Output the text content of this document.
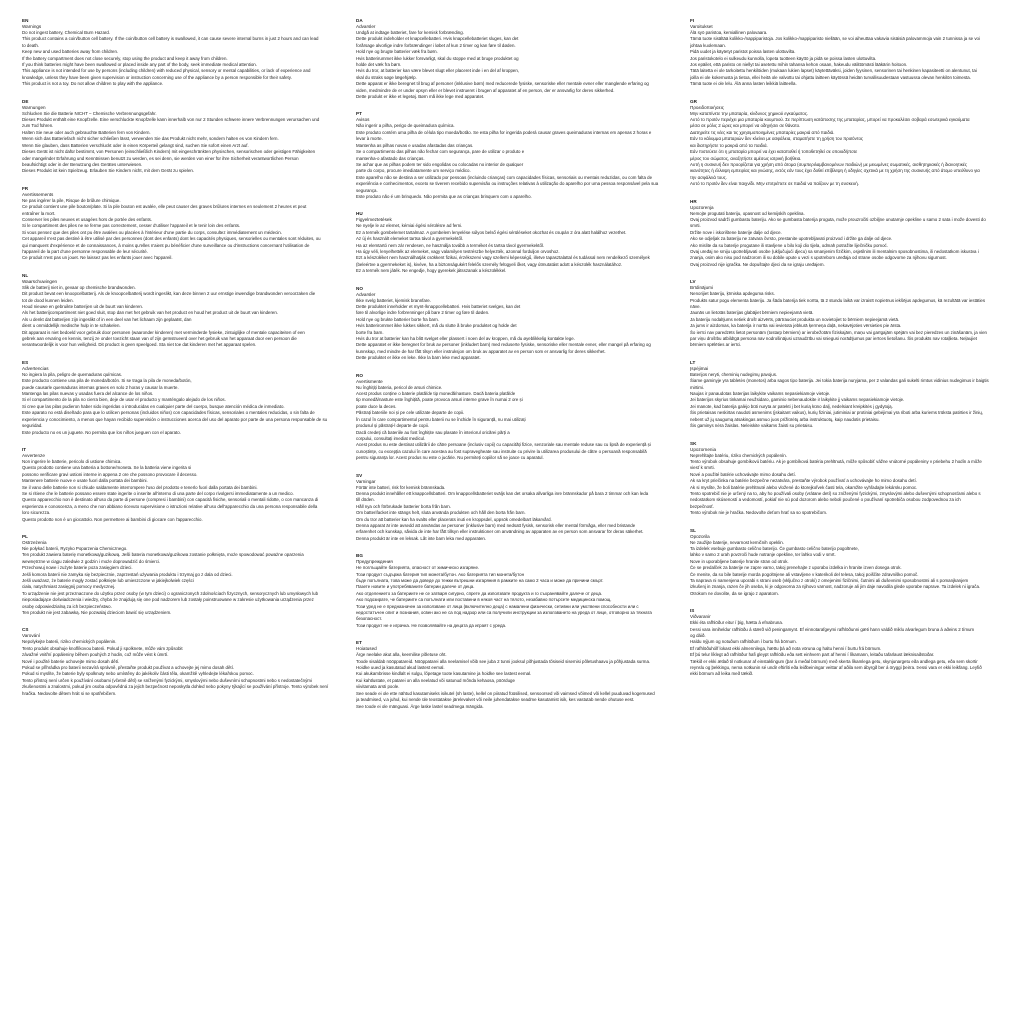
EN
Warnings
Do not ingest battery, Chemical Burn Hazard.
This product contains a coin/button cell battery. If the coin/button cell battery is swallowed, it can cause severe internal burns in just 2 hours and can lead
to death.
Keep new and used batteries away from children.
If the battery compartment does not close securely, stop using the product and keep it away from children.
If you think batteries might have been swallowed or placed inside any part of the body, seek immediate medical attention.
This appliance is not intended for use by persons (including children) with reduced physical, sensory or mental capabilities, or lack of experience and
knowledge, unless they have been given supervision or instruction concerning use of the appliance by a person responsible for their safety.
This product is not a toy. Do not allow children to play with the appliance.
DE
Warnungen
Schlucken Sie die Batterie NICHT – Chemische Verbrennungsgefahr.
Dieses Produkt enthält eine Knopfzelle. Eine verschluckte Knopfzelle kann innerhalb von nur 2 Stunden schwere innere Verbrennungen verursachen und
zum Tod führen.
Halten Sie neue oder auch gebrauchte Batterien fern von Kindern.
Wenn sich das Batteriefach nicht sicher schließen lässt, verwenden Sie das Produkt nicht mehr, sondern halten es von Kindern fern.
Wenn Sie glauben, dass Batterien verschluckt oder in einen Körperteil gelangt sind, suchen Sie sofort einen Arzt auf.
Dieses Gerät ist nicht dafür bestimmt, von Personen (einschließlich Kindern) mit eingeschränkten physischen, sensorischen oder geistigen Fähigkeiten
oder mangelnder Erfahrung und Kenntnissen benutzt zu werden, es sei denn, sie werden von einer für ihre Sicherheit verantwortlichen Person
beaufsichtigt oder in der Benutzung des Gerätes unterwiesen.
Dieses Produkt ist kein Spielzeug. Erlauben Sie Kindern nicht, mit dem Gerät zu spielen.
FR
Avertissements
Ne pas ingérer la pile, Risque de brûlure chimique.
Ce produit contient une pile bouton/plate. Si la pile bouton est avalée, elle peut causer des graves brûlures internes en seulement 2 heures et peut
entraîner la mort.
Conserver les piles neuves et usagées hors de portée des enfants.
Si le compartiment des piles ne se ferme pas correctement, cesser d'utiliser l'appareil et le tenir loin des enfants.
Si vous pensez que des piles ont pu être avalées ou placées à l'intérieur d'une partie du corps, consultez immédiatement un médecin.
Cet appareil n'est pas destiné à être utilisé par des personnes (dont des enfants) dont les capacités physiques, sensorielles ou mentales sont réduites, ou
qui manquent d'expérience et de connaissances, à moins qu'elles n'aient pu bénéficier d'une surveillance ou d'instructions concernant l'utilisation de
l'appareil de la part d'une personne responsable de leur sécurité.
Ce produit n'est pas un jouet. Ne laissez pas les enfants jouer avec l'appareil.
NL
Waarschuwingen
Slik de batterij niet in, gevaar op chemische brandwonden.
Dit product bevat een knoopcelbatterij. Als de knoopcelbatterij wordt ingeslikt, kan deze binnen 2 uur ernstige inwendige brandwonden veroorzaken die
tot de dood kunnen leiden.
Houd nieuwe en gebruikte batterijen uit de buurt van kinderen.
Als het batterijcompartiment niet goed sluit, stop dan met het gebruik van het product en houd het product uit de buurt van kinderen.
Als u denkt dat batterijen zijn ingeslikt of in een deel van het lichaam zijn geplaatst, dan
dient u onmiddellijk medische hulp in te schakelen.
Dit apparaat is niet bedoeld voor gebruik door personen (waaronder kinderen) met verminderde fysieke, zintuiglijke of mentale capaciteiten of een
gebrek aan ervaring en kennis, tenzij ze onder toezicht staan van of zijn geïnstrueerd over het gebruik van het apparaat door een persoon die
verantwoordelijk is voor hun veiligheid. Dit product is geen speelgoed. Sta niet toe dat kinderen met het apparaat spelen.
ES
Advertencias
No ingiera la pila, peligro de quemaduras químicas.
Este producto contiene una pila de moneda/botón. Si se traga la pila de moneda/botón,
puede causarle quemaduras internas graves en solo 2 horas y causar la muerte.
Mantenga las pilas nuevas y usadas fuera del alcance de los niños.
Si el compartimento de la pila no cierra bien, deje de usar el producto y manténgalo alejado de los niños.
Si cree que las pilas pudieron haber sido ingeridas o introducidas en cualquier parte del cuerpo, busque atención médica de inmediato.
Este aparato no está diseñado para que lo utilicen personas (incluidos niños) con capacidades físicas, sensoriales o mentales reducidas, o sin falta de
experiencia y conocimiento, a menos que hayan recibido supervisión o instrucciones acerca del uso del aparato por parte de una persona responsable de su
seguridad.
Este producto no es un juguete. No permita que los niños jueguen con el aparato.
IT
Avvertenze
Non ingerire le batterie, pericolo di ustione chimica.
Questo prodotto contiene una batteria a bottone/moneta. Se la batteria viene ingerita si
possono verificare gravi ustioni interne in appena 2 ore che possono provocare il decesso.
Mantenere batterie nuove e usate fuori dalla portata dei bambini.
Se il vano delle batterie non si chiude saldamente interrompere l'uso del prodotto e tenerlo fuori dalla portata dei bambini.
Se si ritiene che le batterie possano essere state ingerite o inserite all'interno di una parte del corpo rivolgersi immediatamente a un medico.
Questo apparecchio non è destinato all'uso da parte di persone (compresi i bambini) con capacità fisiche, sensoriali o mentali ridotte, o con mancanza di
esperienza e conoscenza, a meno che non abbiano ricevuto supervisione o istruzioni relative all'uso dell'apparecchio da una persona responsabile della
loro sicurezza.
Questo prodotto non è un giocattolo. Non permettere ai bambini di giocare con l'apparecchio.
PL
Ostrzeżenia
Nie połykać baterii, Ryzyko Poparzenia Chemicznego.
Ten produkt zawiera baterię monetkową/guzikową. Jeśli bateria monetkowa/guzikowa zostanie połknięta, może spowodować poważne oparzenia
wewnętrzne w ciągu zaledwie 2 godzin i może doprowadzić do śmierci.
Przechowuj nowe i zużyte baterie poza zasięgiem dzieci.
Jeśli komora baterii nie zamyka się bezpiecznie, zaprzestań używania produktu i trzymaj go z dala od dzieci.
Jeśli uważasz, że baterie mogły zostać połknięte lub umieszczone w jakiejkolwiek części
ciała, natychmiast zasięgnij pomocy medycznej.
To urządzenie nie jest przeznaczone do użytku przez osoby (w tym dzieci) o ograniczonych zdolnościach fizycznych, sensorycznych lub umysłowych lub
nieposiadające doświadczenia i wiedzy, chyba że znajdują się one pod nadzorem lub zostały poinstruowane w zakresie użytkowania urządzenia przez
osobę odpowiedzialną za ich bezpieczeństwo.
Ten produkt nie jest zabawką. Nie pozwalaj dzieciom bawić się urządzeniem.
CS
Varování
Nepolykejte baterii, riziko chemických popálenin.
Tento produkt obsahuje knoflíkovou baterii. Pokud ji spolknete, může vám způsobit
závažné vnitřní popáleniny během pouhých 2 hodin, což může vést k úmrtí.
Nové i použité baterie uchovejte mimo dosah dětí.
Pokud se přihrádka pro baterii nezavírá správně, přestaňte produkt používat a uchovejte jej mimo dosah dětí.
Pokud si myslíte, že baterie byly spolknuty nebo umístěny do jakékoliv části těla, okamžitě vyhledejte lékařskou pomoc.
Tento přístroj není určen k používání osobami (včetně dětí) se sníženými fyzickými, smyslovými nebo duševními schopnostmi nebo s nedostatečnými
zkušenostmi a znalostmi, pokud jim osoba odpovědná za jejich bezpečnost neposkytla dohled nebo pokyny týkající se používání přístroje. Tento výrobek není
hračka. Nedovolte dětem hrát si se spotřebičem.
DA
Advarsler
Undgå at indtage batteriet, fare for kemisk forbrænding.
Dette produkt indeholder et knapcellebatteri. Hvis knapcellebatteriet sluges, kan det
forårsage alvorlige indre forbrændinger i løbet af kun 2 timer og kan føre til døden.
Hold nye og brugte batterier væk fra børn.
Hvis batterirummet ikke lukker forsvarligt, skal du stoppe med at bruge produktet og
holde det væk fra børn.
Hvis du tror, at batterier kan være blevet slugt eller placeret inde i en del af kroppen,
skal du straks søge lægehjælp.
Dette apparat er ikke beregnet til brug af personer (inklusive børn) med reducerede fysiske, sensoriske eller mentale evner eller manglende erfaring og
viden, medmindre de er under opsyn eller er blevet instrueret i brugen af apparatet af en person, der er ansvarlig for deres sikkerhed.
Dette produkt er ikke et legetøj. Børn må ikke lege med apparatet.
PT
Avisos
Não ingerir a pilha, perigo de queimadura química.
Este produto contém uma pilha de célula tipo moeda/botão. Se esta pilha for ingerida poderá causar graves queimaduras internas em apenas 2 horas e
levar à morte.
Mantenha as pilhas novas e usadas afastadas das crianças.
Se o compartimento das pilhas não fechar com segurança, pare de utilizar o produto e
mantenha-o afastado das crianças.
Se achar que as pilhas podem ter sido engolidas ou colocadas no interior de qualquer
parte do corpo, procure imediatamente um serviço médico.
Este aparelho não se destina a ser utilizado por pessoas (incluindo crianças) com capacidades físicas, sensoriais ou mentais reduzidas, ou com falta de
experiência e conhecimentos, exceto se tiverem recebido supervisão ou instruções relativas à utilização do aparelho por uma pessoa responsável pela sua
segurança.
Este produto não é um brinquedo. Não permita que as crianças brinquem com o aparelho.
HU
Figyelmeztetések
Ne nyelje le az elemet, kémiai égési sérülésre ad ferni.
Ez a termék gombelemet tartalmaz. A gombelem lenyelése súlyos belső égési sérüléseket okozhat és csupán 2 óra alatt halálhoz vezethet.
Az új és használt elemeket tartsa távol a gyermekektől.
Ha az elemtartó nem zár rendesen, ne használja tovább a terméket és tartsa távol gyermekektől.
Ha úgy véli, lenyelhették az elemeket, vagy valamilyen testrészbe helyezték, azonnal forduljon orvoshoz.
Ezt a készüléket nem használhatják csökkent fizikai, érzékszervi vagy szellemi képességű, illetve tapasztalattal és tudással nem rendelkező személyek
(beleértve a gyermekeket is), kivéve, ha a biztonságukért felelős személy felügyeli őket, vagy útmutatást adott a készülék használatához.
Ez a termék nem játék. Ne engedje, hogy gyerekek játsszanak a készülékkel.
NO
Advarsler
Ikke svelg batteriet, kjemisk brannfare.
Dette produktet inneholder et mynt-/knappcellebatteri. Hvis batteriet svelges, kan det
føre til alvorlige indre forbrenninger på bare 2 timer og føre til døden.
Hold nye og brukte batterier borte fra barn.
Hvis batterirommet ikke lukkes sikkert, må du slutte å bruke produktet og holde det
borte fra barn.
Hvis du tror at batterier kan ha blitt svelget eller plassert i noen del av kroppen, må du øyeblikkelig kontakte lege.
Dette apparatet er ikke beregnet for bruk av personer (inkludert barn) med reduserte fysiske, sensoriske eller mentale evner, eller mangel på erfaring og
kunnskap, med mindre de har fått tilsyn eller instruksjon om bruk av apparatet av en person som er ansvarlig for deres sikkerhet.
Dette produktet er ikke en leke. Ikke la barn leke med apparatet.
RO
Avertismente
Nu înghițiți bateria, pericol de arsuri chimice.
Acest produs conține o baterie plată/de tip monedă/nasture. Dacă bateria plată/de
tip monedă/nasture este înghițită, poate provoca arsuri interne grave în numai 2 ore și
poate duce la deces.
Păstrați bateriile noi și pe cele utilizate departe de copii.
În cazul în care compartimentul pentru baterii nu se închide în siguranță, nu mai utilizați
produsul și păstrați-l departe de copii.
Dacă credeți că bateriile au fost înghițite sau plasate în interiorul oricărei părți a
corpului, consultați imediat medicul.
Acest produs nu este destinat utilizării de către persoane (inclusiv copii) cu capacități fizice, senzoriale sau mentale reduse sau cu lipsă de experiență și
cunoștințe, cu excepția cazului în care acestea au fost supravegheate sau instruite cu privire la utilizarea produsului de către o persoană responsabilă
pentru siguranța lor. Acest produs nu este o jucărie. Nu permiteți copiilor să se joace cu aparatul.
SV
Varningar
Förtär inte batteri, risk för kemisk brännskada.
Denna produkt innehåller ett knappcellsbatteri. Om knappcellsbatteriet sväljs kan det orsaka allvarliga inre brännskador på bara 2 timmar och kan leda
till döden.
Håll nya och förbrukade batterier borta från barn.
Om batterifacket inte stängs helt, sluta använda produkten och håll den borta från barn.
Om du tror att batterier kan ha svalts eller placerats inuti en kroppsdel, uppsök omedelbart läkarvård.
Denna apparat är inte avsedd att användas av personer (inklusive barn) med nedsatt fysisk, sensorisk eller mental förmåga, eller med bristande
erfarenhet och kunskap, såvida de inte har fått tillsyn eller instruktioner om användning av apparaten av en person som ansvarar för deras säkerhet.
Denna produkt är inte en leksak. Låt inte barn leka med apparaten.
BG
Предупреждения
Не поглъщайте батерията, опасност от химическо изгаряне.
Този продукт съдържа батерия тип монета/бутон. Ако батерията тип монета/бутон
бъде погълната, това може да доведе до тежки вътрешни изгаряния в рамките на само 2 часа и може да причини смърт.
Пазете новите и употребяваните батерии далече от деца.
Ако отделението за батериите не се затваря сигурно, спрете да използвате продукта и го съхранявайте далече от деца.
Ако подозирате, че батериите са погълнати или поставени в някоя част на тялото, незабавно потърсете медицинска помощ.
Този уред не е предназначен за използване от лица (включително деца) с намалени физически, сетивни или умствени способности или с
недостатъчен опит и познания, освен ако не са под надзор или са получили инструкции за използването на уреда от лице, отговорно за тяхната
безопасност.
Този продукт не е играчка. Не позволявайте на децата да играят с уреда.
ET
Hoiatused
Ärge neelake akut alla, keemilise põletuse oht.
Toode sisaldab nööppatareid. Nööppatarei alla neelamisel võib see juba 2 tunni jooksul põhjustada tõsiseid sisemisi põletushaavu ja põhjustada surma.
Hoidke uued ja kasutatud akud lastest eemal.
Kui akukambrisse kindlalt ei sulgu, lõpetage toote kasutamine ja hoidke see lastest eemal.
Kui kahtlustate, et patarei on alla neelatud või satunud mõnda kehaosa, pöörduge
viivitamata arsti poole.
See seade ei ole ette nähtud kasutamiseks isikutel (sh laste), kellel on piiratud füüsilised, sensoorsed või vaimsed võimed või kellel puuduvad kogemused
ja teadmised, v.a juhul, kui nende üle teostatakse järelevalvet või neile juhendatakse seadme kasutamist isik, kes vastutab nende ohutuse eest.
See toode ei ole mänguasi. Ärge laske lastel seadmega mängida.
FI
Varoitukset
Älä syö paristoa, kemiallinen palovaara.
Tämä tuote sisältää kolikko-/nappiparistoja. Jos kolikko-/nappiparisto niellään, se voi aiheuttaa vakavia sisäisiä palovammoja vain 2 tunnissa ja se voi
johtaa kuolemaan.
Pidä uudet ja käytetyt paristot poissa lasten ulottuvilta.
Jos paristokotelo ei sulkeudu kunnolla, lopeta tuotteen käyttö ja pidä se poissa lasten ulottuvilta.
Jos epäilet, että paristo on niellyt tai asetettu mihin tahansa kehon osaan, hakeudu välittömästi lääkärin hoitoon.
Tätä laitetta ei ole tarkoitettu henkilöiden (mukaan lukien lapset) käytettäväksi, joiden fyysinen, sensorinen tai henkinen kapasiteetti on alentunut, tai
joilla ei ole kokemusta ja tietoa, ellei heitä ole valvottu tai ohjattu laitteen käytössä heidän turvallisuudestaan vastuussa olevan henkilön toimesta.
Tämä tuote ei ole lelu. Älä anna lasten leikkiä laitteella.
GR
Προειδοποιήσεις
Μην καταπίνετε την μπαταρία, κίνδυνος χημικού εγκαύματος.
Αυτό το προϊόν περιέχει μια μπαταρία κουμπιού. Σε περίπτωση κατάποσης της μπαταρίας, μπορεί να προκαλέσει σοβαρά εσωτερικά εγκαύματα
μέσα σε μόλις 2 ώρες και μπορεί να οδηγήσει σε θάνατο.
Διατηρείτε τις νέες και τις χρησιμοποιημένες μπαταρίες μακριά από παιδιά.
Εάν το κάλυμμα μπαταριών δεν κλείνει με ασφάλεια, σταματήστε τη χρήση του προϊόντος
και διατηρήστε το μακριά από τα παιδιά.
Εάν πιστεύετε ότι η μπαταρία μπορεί να έχει καταποθεί ή τοποθετηθεί σε οποιοδήποτε
μέρος του σώματος, αναζητήστε αμέσως ιατρική βοήθεια.
Αυτή η συσκευή δεν προορίζεται για χρήση από άτομα (συμπεριλαμβανομένων παιδιών) με μειωμένες σωματικές, αισθητηριακές ή διανοητικές
ικανότητες ή έλλειψη εμπειρίας και γνώσης, εκτός εάν τους έχει δοθεί επίβλεψη ή οδηγίες σχετικά με τη χρήση της συσκευής από άτομο υπεύθυνο για
την ασφάλειά τους.
Αυτό το προϊόν δεν είναι παιχνίδι. Μην επιτρέπετε σε παιδιά να παίζουν με τη συσκευή.
HR
Upozorenja
Nemojte progutati bateriju, opasnost od kemijskih opeklina.
Ovaj proizvod sadrži gumbastu bateriju. Ako se gumbasta baterija proguta, može prouzročiti ozbiljne unutarnje opekline u samo 2 sata i može dovesti do
smrti.
Držite nove i iskorištene baterije dalje od djece.
Ako se odjeljak za bateriju ne zatvara čvrsto, prestanite upotrebljavati proizvod i držite ga dalje od djece.
Ako mislite da su baterije progutane ili stavljene u bilo koji dio tijela, odmah potražite liječničku pomoć.
Ovaj uređaj ne smiju upotrebljavati osobe (uključujući djecu) sa smanjenim fizičkim, osjetilnim ili mentalnim sposobnostima, ili nedostatkom iskustva i
znanja, osim ako nisu pod nadzorom ili su dobile upute u vezi s upotrebom uređaja od strane osobe odgovorne za njihovu sigurnost.
Ovaj proizvod nije igračka. Ne dopuštajte djeci da se igraju uređajem.
LV
Brīdinājumi
Nenorijiet bateriju, ķīmiska apdeguma risks.
Produkts satur pogu elementa bateriju. Ja šāda baterija tiek norīta, tā 2 stundu laikā var izraisīt nopietnus iekšējus apdegumus, kā rezultātā var iestāties
nāve.
Jaunās un lietotās baterijas glabājiet bērniem nepieejamā vietā.
Ja bateriju nodalījums netiek drošī aizvērts, pārtrauciet produkta un novietojiet to bērniem nepieejamā vietā.
Ja jums ir aizdomas, ka baterija ir norīta vai ievietota jebkurā ķermeņa daļā, nekavējoties vērsieties pie ārsta.
Šo ierīci nav paredzēts lietot personām (tostarp bērniem) ar ierobežotām fiziskajām, maņu vai garīgajām spējām vai bez pieredzes un zināšanām, ja vien
par viņu drošību atbildīgā persona nav nodrošinājusi uzraudzību vai sniegusi norādījumus par ierīces lietošanu. Šis produkts nav rotaļlieta. Neļaujiet
bērniem spēlēties ar ierīci.
LT
Įspėjimai
Baterijos neryti, cheminių nudegimų pavojus.
Šiame gaminyje yra tabletės (monetos) arba sagos tipo baterija. Jei tokia baterija nuryjama, per 2 valandas gali sukelti rimtus vidinius nudegimus ir baigtis
mirtimi.
Naujas ir panaudotas baterijas laikykite vaikams nepasiekiamoje vietoje.
Jei baterijos skyrius tinkamai neužsidaro, gaminio nebenaudokite ir laikykite jį vaikams nepasiekiamoje vietoje.
Jei manote, kad baterija galėjo būti nuryta ar patekti į bet kurią kūno dalį, nedelsiant kreipkitės į gydytoją.
Šis prietaisas neskirtas naudoti asmenims (įskaitant vaikus), kurių fiziniai, jutiminiai ar protiniai gebėjimai yra riboti arba kuriems trūksta patirties ir žinių,
nebent už jų saugumą atsakingas asmuo juos prižiūrėtų arba instruktuotų, kaip naudotis prietaisu.
Šis gaminys nėra žaislas. Neleiskite vaikams žaisti su prietaisu.
SK
Upozornenia
Neprehĺtajte batériu, riziko chemických popálenín.
Tento výrobok obsahuje gombíkovú batériu. Ak je gombíková batéria prehltnutá, môže spôsobiť vážne vnútorné popáleniny v priebehu 2 hodín a môže
viesť k smrti.
Nové a použité batérie uchovávajte mimo dosahu detí.
Ak sa kryt priečinka na batérie bezpečne nezatvára, prestaňte výrobok používať a uchovávajte ho mimo dosahu detí.
Ak si myslíte, že boli batérie prehltnuté alebo vložené do ktorejkoľvek časti tela, okamžite vyhľadajte lekársku pomoc.
Tento spotrebič nie je určený na to, aby ho používali osoby (vrátane detí) so zníženými fyzickými, zmyslovými alebo duševnými schopnosťami alebo s
nedostatkom skúseností a vedomostí, pokiaľ nie sú pod dozorom alebo neboli poučené o používaní spotrebiča osobou zodpovednou za ich
bezpečnosť.
Tento výrobok nie je hračka. Nedovoľte deťom hrať sa so spotrebičom.
SL
Opozorila
Ne zaužijte baterije, nevarnost kemičnih opeklin.
Ta izdelek vsebuje gumbasto celično baterijo. Če gumbasto celično baterijo pogoltnete,
lahko v samo 2 urah povzroči hude notranje opekline, ter lahko vodi v smrt.
Nove in uporabljene baterije hranite stran od otrok.
Če se predalček za baterije ne zapre varno, takoj prenehajte z uporabo izdelka in hranite izven dosega otrok.
Če menite, da so bile baterije morda pogoltnjene ali vstavljene v katerikoli del telesa, takoj poiščite zdravniško pomoč.
Ta naprava ni namenjena uporabi s strani oseb (vključno z otroki) z omejenimi fizičnimi, čutnimi ali duševnimi sposobnostmi ali s pomanjkanjem
izkušenj in znanja, razen če jih oseba, ki je odgovorna za njihovo varnost, nadzoruje ali jim daje navodila glede uporabe naprave. Ta izdelek ni igrača.
Otrokom ne dovolite, da se igrajo z aparatom.
IS
Viðvaranir
Ekki éta rafhlöður eitur í þig, hætta á efnabruna.
Þessi vara inniheldur rafhlöðu á stærð við peningamynt. Ef einnotarafgeymi rafhlöðunni gæti hann valdið miklu alvarlegum bruna á aðeins 2 tímum
og dáið.
Haldu nýjum og notuðum rafhlöðum í burtu frá börnum.
Ef rafhlöðuhólf lokast ekki almennilega, hættu þá að nota vöruna og haltu henni í burtu frá börnum.
Ef þú telur líklegt að rafhlöður hafi gleypt rafhlöðu eða sett einhvern part af henni í líkamann, leitaðu tafarlaust læknisaðstoðar.
Tækið er ekki ætlað til notkunar af einstaklingum (þar á meðal börnum) með skerta líkamlega getu, skynjunargetu eða andlega getu, eða sem skortir
reynslu og þekkingu, nema notkunin sé undir eftirliti eða leiðbeiningar veittar af aðila sem ábyrgð ber á öryggi þeirra. Þessi vara er ekki leikfang. Leyfið
ekki börnum að leika með tækið.
